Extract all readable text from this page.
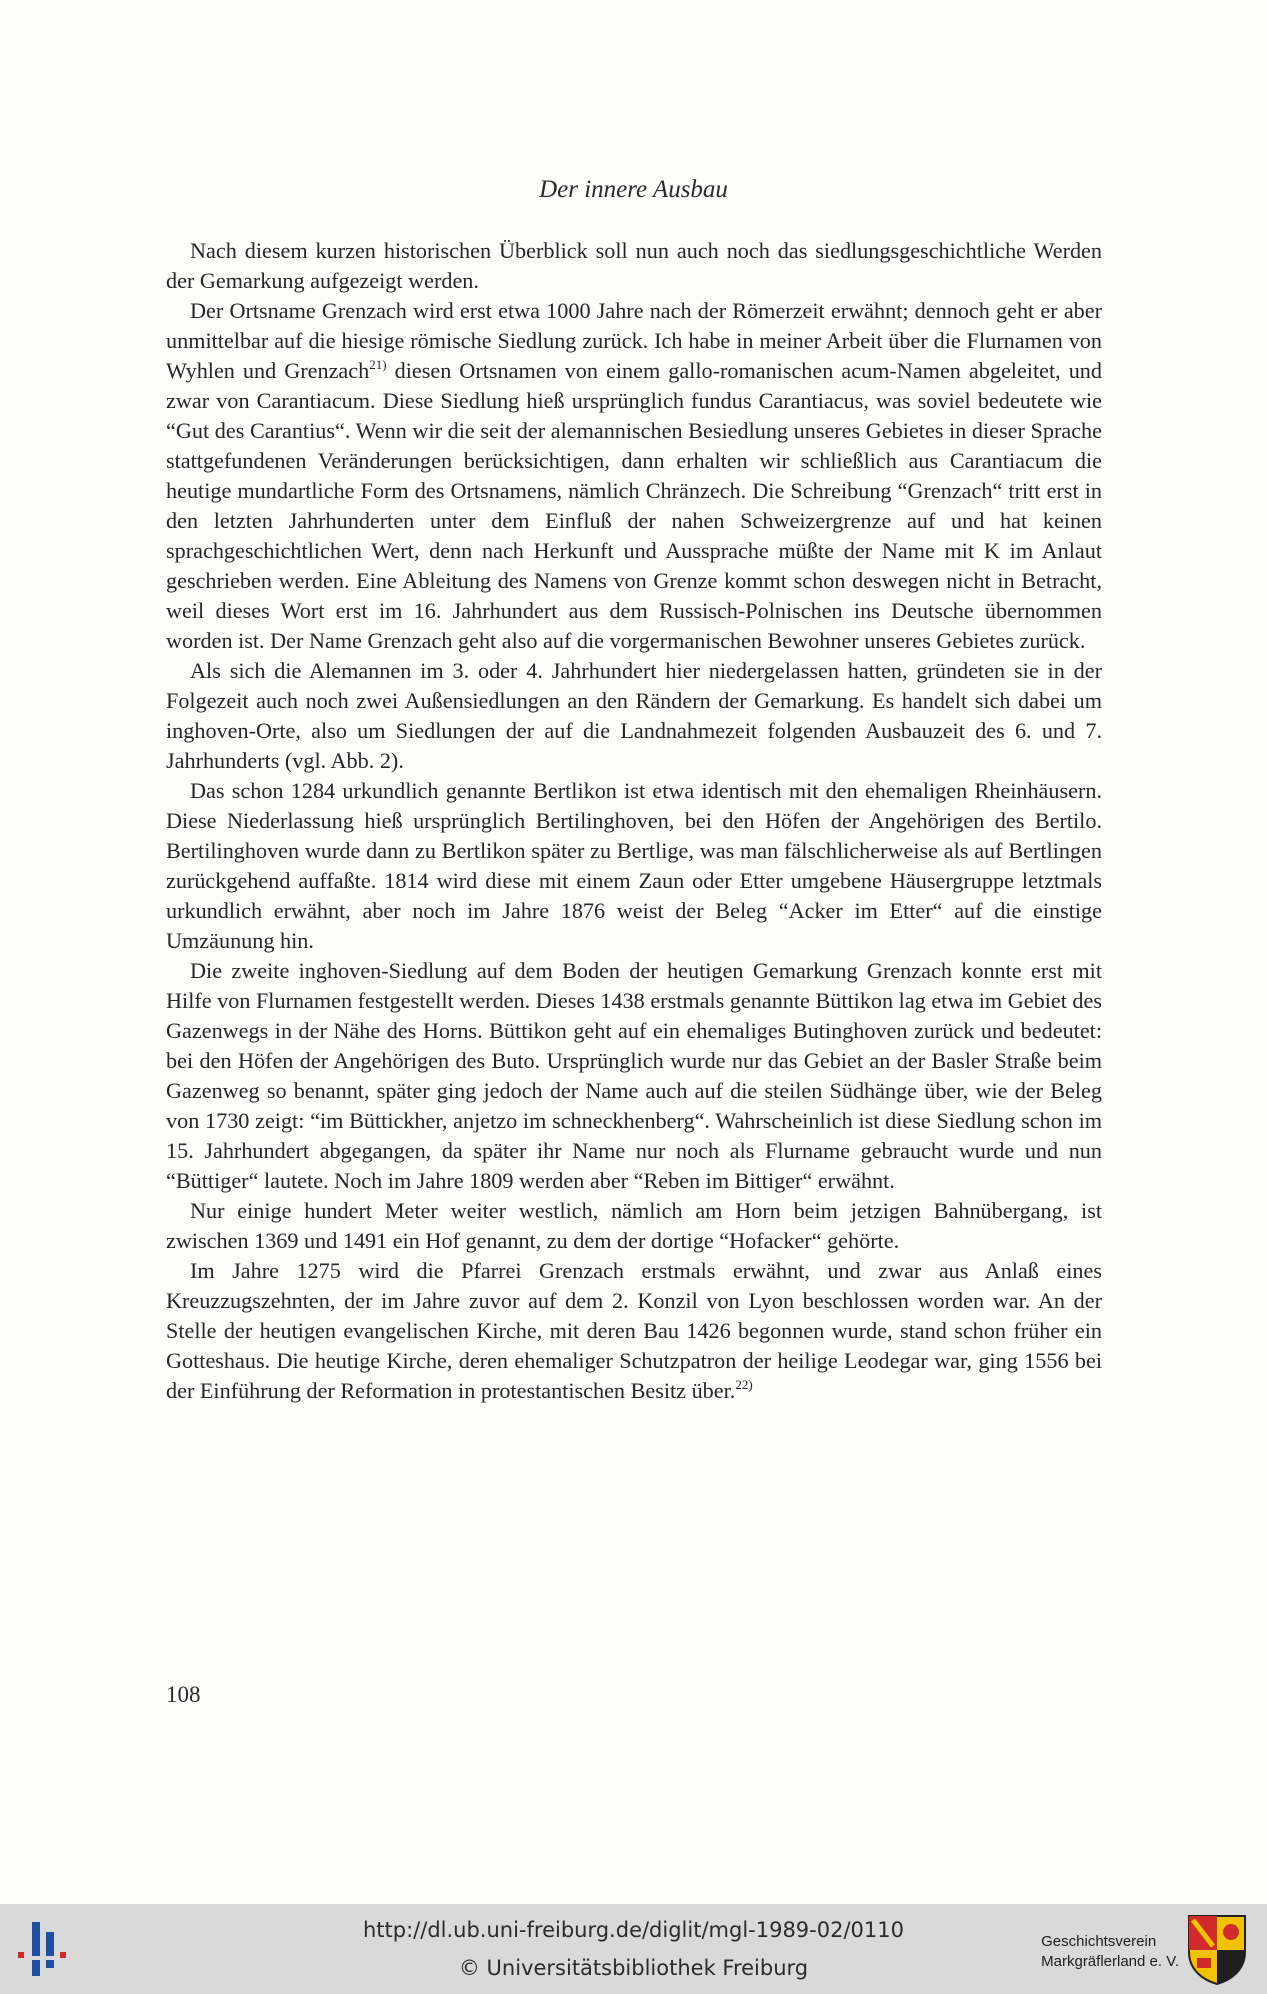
Der innere Ausbau

Nach diesem kurzen historischen Überblick soll nun auch noch das siedlungsgeschichtliche Werden der Gemarkung aufgezeigt werden.

Der Ortsname Grenzach wird erst etwa 1000 Jahre nach der Römerzeit erwähnt; dennoch geht er aber unmittelbar auf die hiesige römische Siedlung zurück. Ich habe in meiner Arbeit über die Flurnamen von Wyhlen und Grenzach$^{21)}$ diesen Ortsnamen von einem gallo-romanischen acum-Namen abgeleitet, und zwar von Carantiacum. Diese Siedlung hieß ursprünglich fundus Carantiacus, was soviel bedeutete wie “Gut des Carantius“. Wenn wir die seit der alemannischen Besiedlung unseres Gebietes in dieser Sprache stattgefundenen Veränderungen berücksichtigen, dann erhalten wir schließlich aus Carantiacum die heutige mundartliche Form des Ortsnamens, nämlich Chränzech. Die Schreibung “Grenzach“ tritt erst in den letzten Jahrhunderten unter dem Einfluß der nahen Schweizergrenze auf und hat keinen sprachgeschichtlichen Wert, denn nach Herkunft und Aussprache müßte der Name mit K im Anlaut geschrieben werden. Eine Ableitung des Namens von Grenze kommt schon deswegen nicht in Betracht, weil dieses Wort erst im 16. Jahrhundert aus dem Russisch-Polnischen ins Deutsche übernommen worden ist. Der Name Grenzach geht also auf die vorgermanischen Bewohner unseres Gebietes zurück.

Als sich die Alemannen im 3. oder 4. Jahrhundert hier niedergelassen hatten, gründeten sie in der Folgezeit auch noch zwei Außensiedlungen an den Rändern der Gemarkung. Es handelt sich dabei um inghoven-Orte, also um Siedlungen der auf die Landnahmezeit folgenden Ausbauzeit des 6. und 7. Jahrhunderts (vgl. Abb. 2).

Das schon 1284 urkundlich genannte Bertlikon ist etwa identisch mit den ehemaligen Rheinhäusern. Diese Niederlassung hieß ursprünglich Bertilinghoven, bei den Höfen der Angehörigen des Bertilo. Bertilinghoven wurde dann zu Bertlikon später zu Bertlige, was man fälschlicherweise als auf Bertlingen zurückgehend auffaßte. 1814 wird diese mit einem Zaun oder Etter umgebene Häusergruppe letztmals urkundlich erwähnt, aber noch im Jahre 1876 weist der Beleg “Acker im Etter“ auf die einstige Umzäunung hin.

Die zweite inghoven-Siedlung auf dem Boden der heutigen Gemarkung Grenzach konnte erst mit Hilfe von Flurnamen festgestellt werden. Dieses 1438 erstmals genannte Büttikon lag etwa im Gebiet des Gazenwegs in der Nähe des Horns. Büttikon geht auf ein ehemaliges Butinghoven zurück und bedeutet: bei den Höfen der Angehörigen des Buto. Ursprünglich wurde nur das Gebiet an der Basler Straße beim Gazenweg so benannt, später ging jedoch der Name auch auf die steilen Südhänge über, wie der Beleg von 1730 zeigt: “im Büttickher, anjetzo im schneckhenberg“. Wahrscheinlich ist diese Siedlung schon im 15. Jahrhundert abgegangen, da später ihr Name nur noch als Flurname gebraucht wurde und nun “Büttiger“ lautete. Noch im Jahre 1809 werden aber “Reben im Bittiger“ erwähnt.

Nur einige hundert Meter weiter westlich, nämlich am Horn beim jetzigen Bahnübergang, ist zwischen 1369 und 1491 ein Hof genannt, zu dem der dortige “Hofacker“ gehörte.

Im Jahre 1275 wird die Pfarrei Grenzach erstmals erwähnt, und zwar aus Anlaß eines Kreuzzugszehnten, der im Jahre zuvor auf dem 2. Konzil von Lyon beschlossen worden war. An der Stelle der heutigen evangelischen Kirche, mit deren Bau 1426 begonnen wurde, stand schon früher ein Gotteshaus. Die heutige Kirche, deren ehemaliger Schutzpatron der heilige Leodegar war, ging 1556 bei der Einführung der Reformation in protestantischen Besitz über.$^{22)}$

108
http://dl.ub.uni-freiburg.de/diglit/mgl-1989-02/0110
© Universitätsbibliothek Freiburg
Geschichtsverein
Markgräflerland e. V.
